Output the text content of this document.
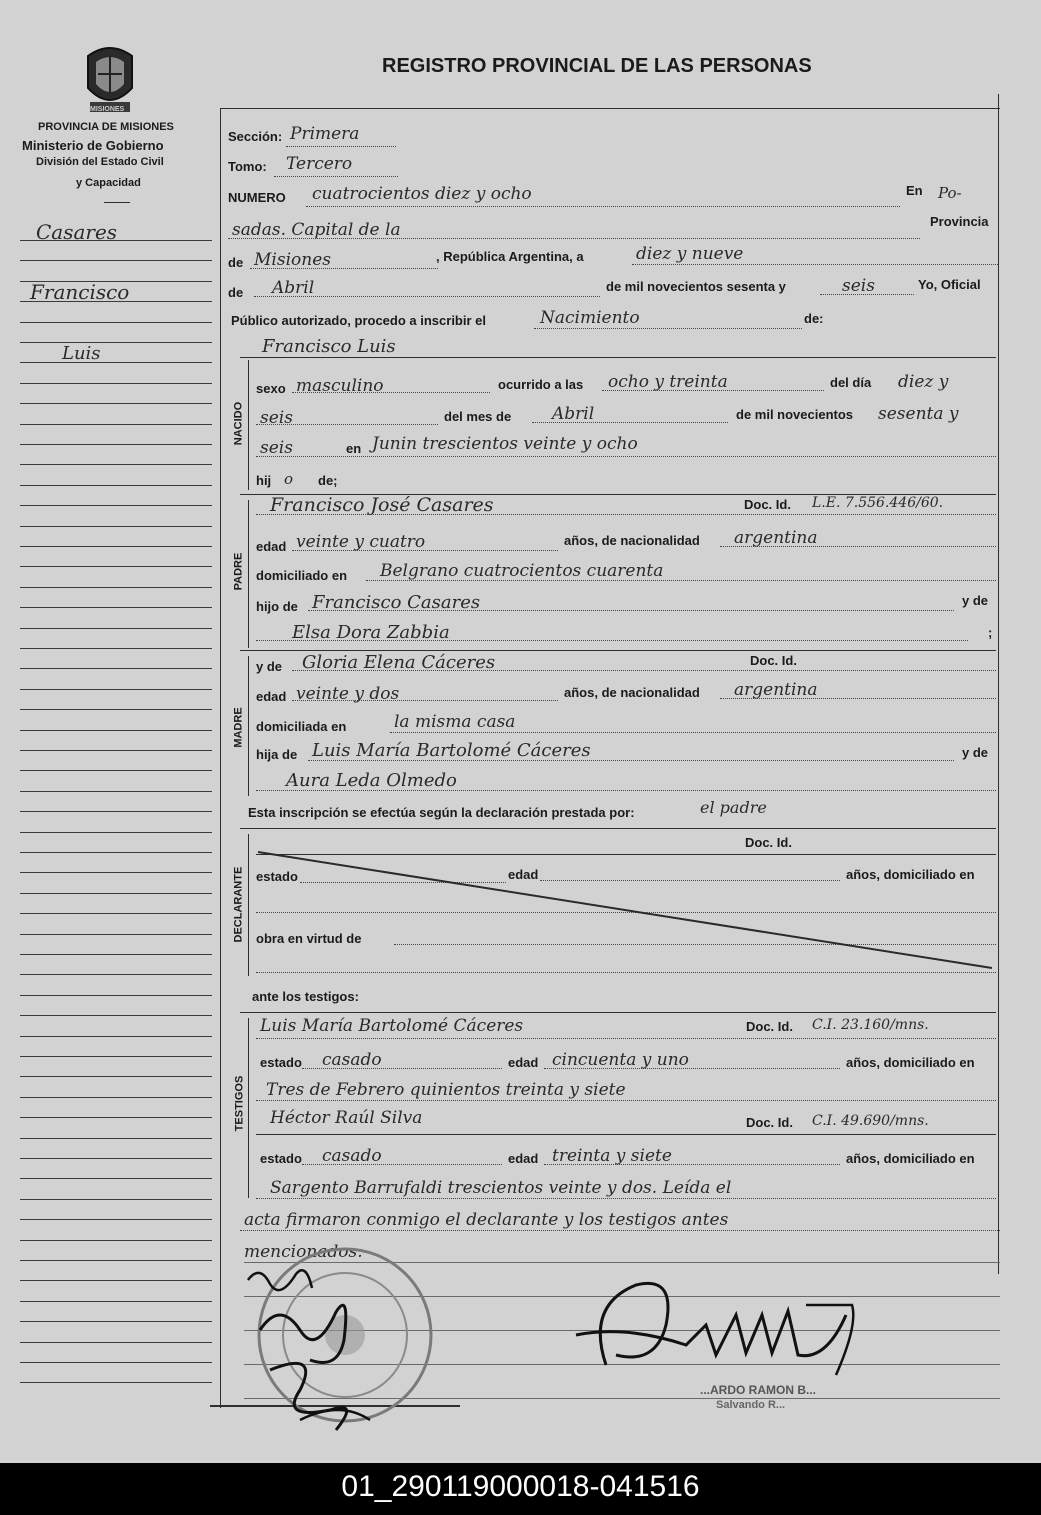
MISIONES
PROVINCIA DE MISIONES
Ministerio de Gobierno
División del Estado Civil
y Capacidad
REGISTRO PROVINCIAL DE LAS PERSONAS
Casares
Francisco
Luis
Sección: Primera
Tomo: Tercero
NUMERO cuatrocientos diez y ocho	En Po-
sadas. Capital de la	Provincia
de Misiones	, República Argentina, a	diez y nueve
de Abril	de mil novecientos sesenta y	seis	Yo, Oficial
Público autorizado, procedo a inscribir el	Nacimiento	de:
Francisco Luis
NACIDO
sexo masculino	ocurrido a las ocho y treinta	del día diez y
seis	del mes de Abril	de mil novecientos sesenta y
seis	en Junin trescientos veinte y ocho
hij o de;
PADRE
Francisco José Casares	Doc. Id. L.E. 7.556.446/60.
edad veinte y cuatro	años, de nacionalidad argentina
domiciliado en Belgrano cuatrocientos cuarenta
hijo de Francisco Casares	y de
Elsa Dora Zabbia	;
MADRE
y de Gloria Elena Cáceres	Doc. Id.
edad veinte y dos	años, de nacionalidad argentina
domiciliada en	la misma casa
hija de Luis María Bartolomé Cáceres	y de
Aura Leda Olmedo
Esta inscripción se efectúa según la declaración prestada por:	el padre
DECLARANTE
Doc. Id.
estado	edad	años, domiciliado en
obra en virtud de
ante los testigos:
TESTIGOS
Luis María Bartolomé Cáceres	Doc. Id. C.I. 23.160/mns.
estado casado	edad cincuenta y uno	años, domiciliado en
Tres de Febrero quinientos treinta y siete
Héctor Raúl Silva	Doc. Id. C.I. 49.690/mns.
estado casado	edad treinta y siete	años, domiciliado en
Sargento Barrufaldi trescientos veinte y dos. Leída el
acta firmaron conmigo el declarante y los testigos antes
mencionados.
...ARDO RAMON B...
Salvando R...
01_290119000018-041516
